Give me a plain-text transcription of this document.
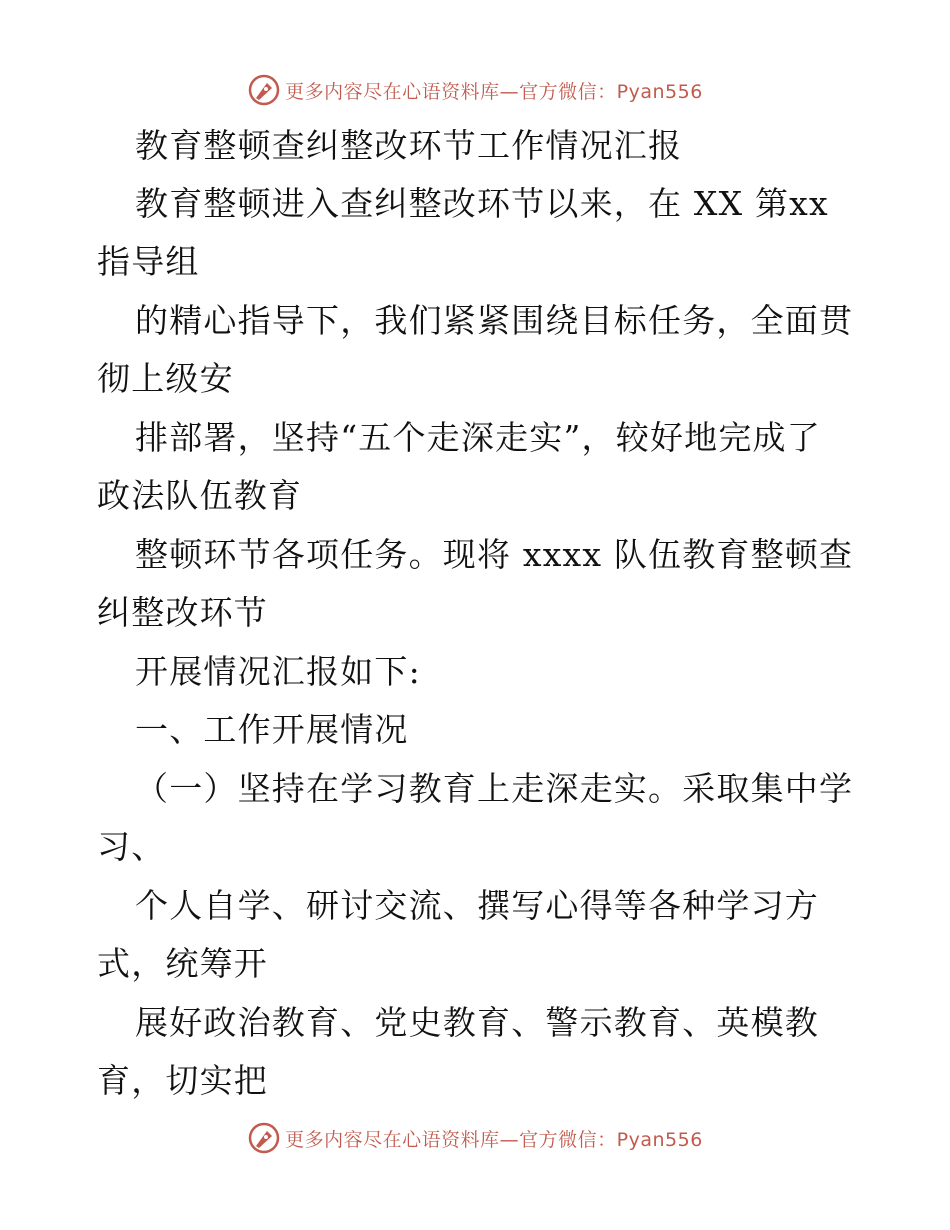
更多内容尽在心语资料库—官方微信：Pyan556
教育整顿查纠整改环节工作情况汇报
教育整顿进入查纠整改环节以来，在 XX 第xx
指导组
的精心指导下，我们紧紧围绕目标任务，全面贯
彻上级安
排部署，坚持“五个走深走实”，较好地完成了
政法队伍教育
整顿环节各项任务。现将 xxxx 队伍教育整顿查
纠整改环节
开展情况汇报如下:
一、工作开展情况
（一）坚持在学习教育上走深走实。采取集中学
习、
个人自学、研讨交流、撰写心得等各种学习方
式，统筹开
展好政治教育、党史教育、警示教育、英模教
育，切实把
更多内容尽在心语资料库—官方微信：Pyan556
